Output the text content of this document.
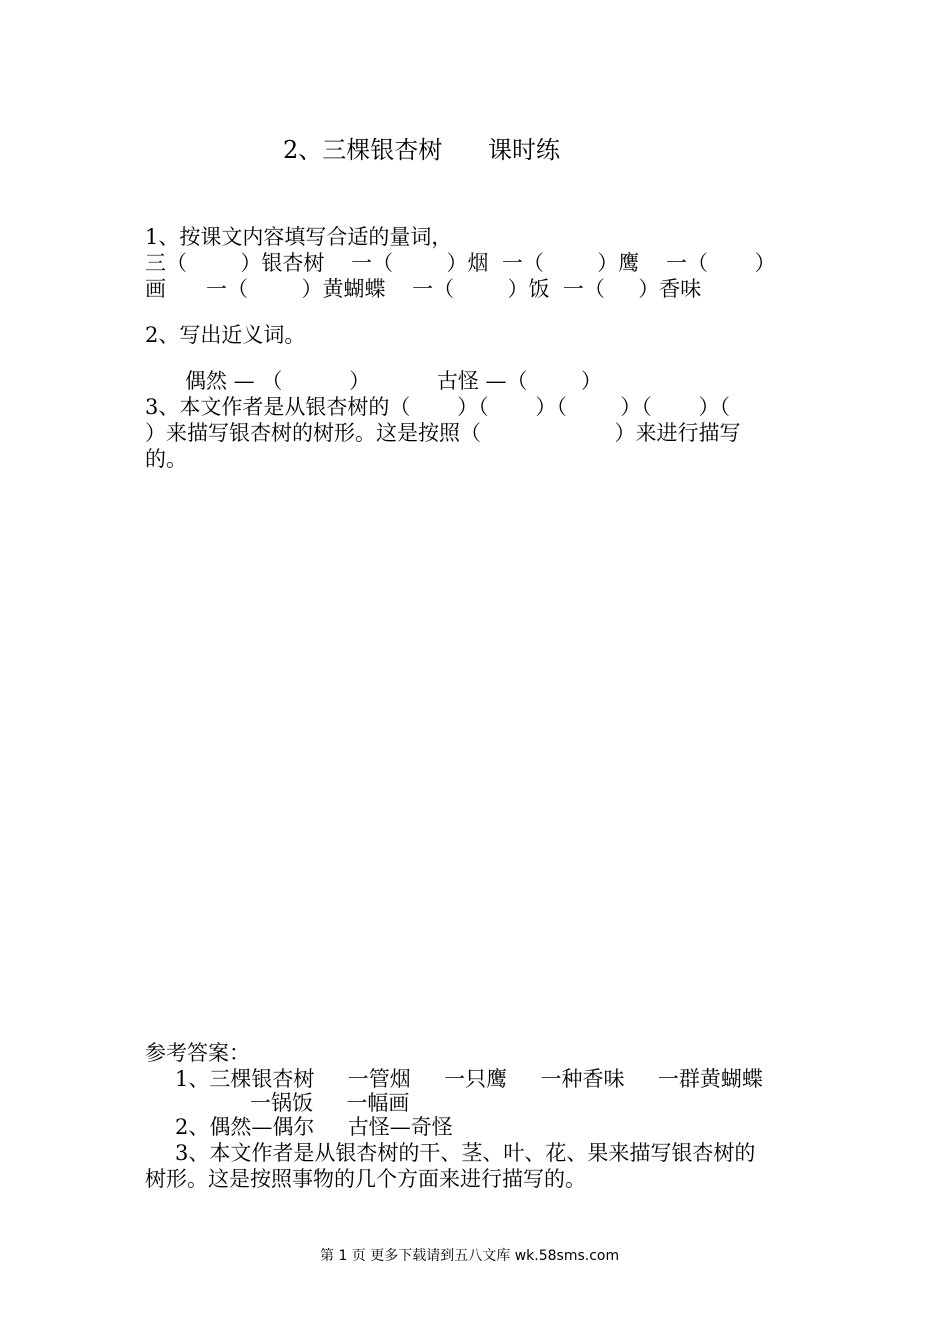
2、三棵银杏树      课时练
1、按课文内容填写合适的量词，
三（        ）银杏树    一（        ）烟  一（        ）鹰    一（       ）
画      一（        ）黄蝴蝶    一（        ）饭  一（     ）香味
2、写出近义词。
偶然 — （          ）          古怪 —（        ）
3、本文作者是从银杏树的（       ）（       ）（        ）（       ）（
）来描写银杏树的树形。这是按照（                    ）来进行描写
的。
参考答案：
1、三棵银杏树     一管烟     一只鹰     一种香味     一群黄蝴蝶
一锅饭     一幅画
2、偶然—偶尔     古怪—奇怪
3、本文作者是从银杏树的干、茎、叶、花、果来描写银杏树的
树形。这是按照事物的几个方面来进行描写的。
第 1 页 更多下载请到五八文库 wk.58sms.com
